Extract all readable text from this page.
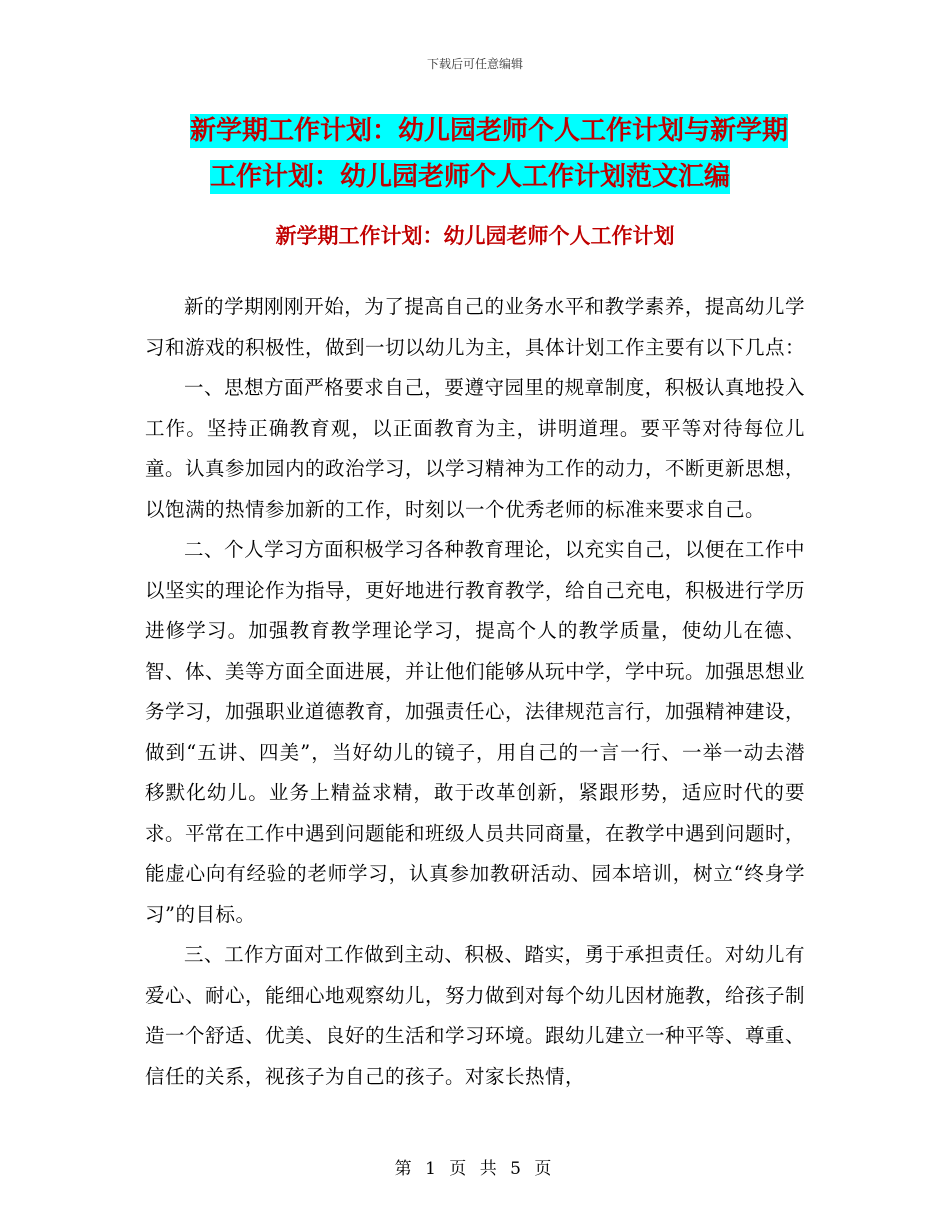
下载后可任意编辑
新学期工作计划：幼儿园老师个人工作计划与新学期
工作计划：幼儿园老师个人工作计划范文汇编
新学期工作计划：幼儿园老师个人工作计划

新的学期刚刚开始，为了提高自己的业务水平和教学素养，提高幼儿学习和游戏的积极性，做到一切以幼儿为主，具体计划工作主要有以下几点：

一、思想方面严格要求自己，要遵守园里的规章制度，积极认真地投入工作。坚持正确教育观，以正面教育为主，讲明道理。要平等对待每位儿童。认真参加园内的政治学习，以学习精神为工作的动力，不断更新思想，以饱满的热情参加新的工作，时刻以一个优秀老师的标准来要求自己。

二、个人学习方面积极学习各种教育理论，以充实自己，以便在工作中以坚实的理论作为指导，更好地进行教育教学，给自己充电，积极进行学历进修学习。加强教育教学理论学习，提高个人的教学质量，使幼儿在德、智、体、美等方面全面进展，并让他们能够从玩中学，学中玩。加强思想业务学习，加强职业道德教育，加强责任心，法律规范言行，加强精神建设，做到“五讲、四美”，当好幼儿的镜子，用自己的一言一行、一举一动去潜移默化幼儿。业务上精益求精，敢于改革创新，紧跟形势，适应时代的要求。平常在工作中遇到问题能和班级人员共同商量，在教学中遇到问题时，能虚心向有经验的老师学习，认真参加教研活动、园本培训，树立“终身学习”的目标。

三、工作方面对工作做到主动、积极、踏实，勇于承担责任。对幼儿有爱心、耐心，能细心地观察幼儿，努力做到对每个幼儿因材施教，给孩子制造一个舒适、优美、良好的生活和学习环境。跟幼儿建立一种平等、尊重、信任的关系，视孩子为自己的孩子。对家长热情，

第 1 页 共 5 页
